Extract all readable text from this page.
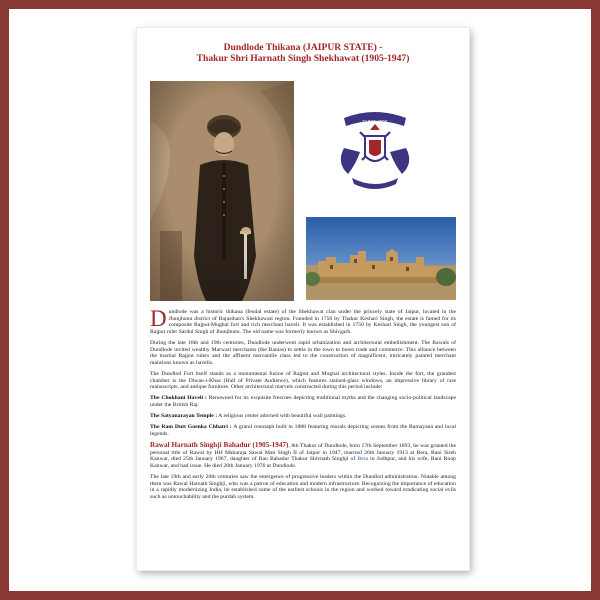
Dundlode Thikana (JAIPUR STATE) -
Thakur Shri Harnath Singh Shekhawat (1905-1947)
DUNDLODE

Dundlode was a historic thikana (feudal estate) of the Shekhawat clan under the princely state of Jaipur, located in the Jhunjhunu district of Rajasthan's Shekhawati region. Founded in 1750 by Thakur Keshari Singh, the estate is famed for its composite Rajput-Mughal fort and rich merchant haveli. It was established in 1750 by Keshari Singh, the youngest son of Rajput ruler Sardul Singh of Jhunjhunu. The old name was formerly known as Shivgarh.

During the late 18th and 19th centuries, Dundlode underwent rapid urbanization and architectural embellishment. The Rawals of Dundlode invited wealthy Marwari merchants (the Banias) to settle in the town to boost trade and commerce. This alliance between the martial Rajput rulers and the affluent mercantile class led to the construction of magnificent, intricately painted merchant mansions known as havelis.

The Dundlod Fort itself stands as a monumental fusion of Rajput and Mughal architectural styles. Inside the fort, the grandest chamber is the Diwan-i-Khas (Hall of Private Audience), which features stained-glass windows, an impressive library of rare manuscripts, and antique furniture. Other architectural marvels constructed during this period include:

The Chokhani Haveli : Renowned for its exquisite frescoes depicting traditional myths and the changing socio-political landscape under the British Raj.

The Satyanarayan Temple : A religious center adorned with beautiful wall paintings.

The Ram Dutt Goenka Chhatri : A grand cenotaph built in 1888 featuring murals depicting scenes from the Ramayana and local legends.

Rawal Harnath Singhji Bahadur (1905-1947), 8th Thakur of Dundlode, born 17th September 1893, he was granted the personal title of Rawal by HH Maharaja Sawai Man Singh II of Jaipur in 1947, married 26th January 1913 at Bera, Rani Sireh Kanwar, died 25th January 1967, daughter of Rao Bahadur Thakur Shivnath Singhji of Bera in Jodhpur, and his wife, Rani Roop Kanwar, and had issue. He died 26th January 1976 at Dundlode.

The late 19th and early 20th centuries saw the emergence of progressive leaders within the Dundlod administration. Notable among them was Rawal Harnath Singhji, who was a patron of education and modern infrastructure. Recognizing the importance of education in a rapidly modernizing India, he established some of the earliest schools in the region and worked toward eradicating social evils such as untouchability and the purdah system.
